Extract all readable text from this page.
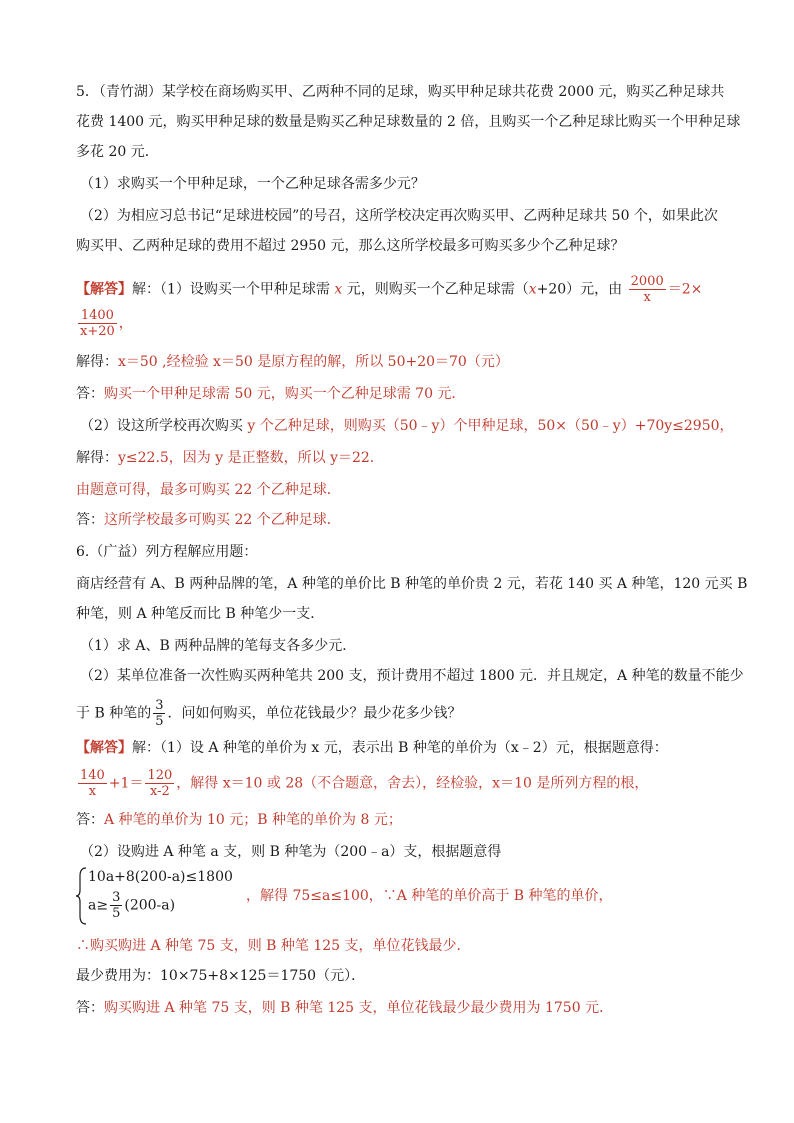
5．（青竹湖）某学校在商场购买甲、乙两种不同的足球，购买甲种足球共花费 2000 元，购买乙种足球共
花费 1400 元，购买甲种足球的数量是购买乙种足球数量的 2 倍，且购买一个乙种足球比购买一个甲种足球
多花 20 元．
（1）求购买一个甲种足球，一个乙种足球各需多少元？
（2）为相应习总书记“足球进校园”的号召，这所学校决定再次购买甲、乙两种足球共 50 个，如果此次
购买甲、乙两种足球的费用不超过 2950 元，那么这所学校最多可购买多少个乙种足球？
【解答】解：（1）设购买一个甲种足球需 x 元，则购买一个乙种足球需（x+20）元，由 $\frac{2000}{x} =2\times$
$\frac{1400}{x+20}$ ，
解得：x＝50 ,经检验 x＝50 是原方程的解，所以 50+20＝70（元）
答：购买一个甲种足球需 50 元，购买一个乙种足球需 70 元．
（2）设这所学校再次购买 y 个乙种足球，则购买（50﹣y）个甲种足球，50×（50﹣y）+70y≤2950，
解得：y≤22.5，因为 y 是正整数，所以 y＝22．
由题意可得，最多可购买 22 个乙种足球．
答：这所学校最多可购买 22 个乙种足球．
6.（广益）列方程解应用题：
商店经营有 A、B 两种品牌的笔，A 种笔的单价比 B 种笔的单价贵 2 元，若花 140 买 A 种笔，120 元买 B
种笔，则 A 种笔反而比 B 种笔少一支．
（1）求 A、B 两种品牌的笔每支各多少元．
（2）某单位准备一次性购买两种笔共 200 支，预计费用不超过 1800 元．并且规定，A 种笔的数量不能少
于 B 种笔的 $\frac{3}{5}$ ．问如何购买，单位花钱最少？最少花多少钱？
【解答】解：（1）设 A 种笔的单价为 x 元，表示出 B 种笔的单价为（x﹣2）元，根据题意得：
$\frac{140}{x} +1= \frac{120}{x-2}$ ，解得 x＝10 或 28（不合题意，舍去），经检验，x＝10 是所列方程的根，
答：A 种笔的单价为 10 元；B 种笔的单价为 8 元；
（2）设购进 A 种笔 a 支，则 B 种笔为（200﹣a）支，根据题意得
10a+8(200-a)≤1800
$a\ge \frac{3}{5} (200-a)$
，解得 75≤a≤100，∵A 种笔的单价高于 B 种笔的单价，
∴购买购进 A 种笔 75 支，则 B 种笔 125 支，单位花钱最少．
最少费用为：10×75+8×125＝1750（元）．
答：购买购进 A 种笔 75 支，则 B 种笔 125 支，单位花钱最少最少费用为 1750 元．
